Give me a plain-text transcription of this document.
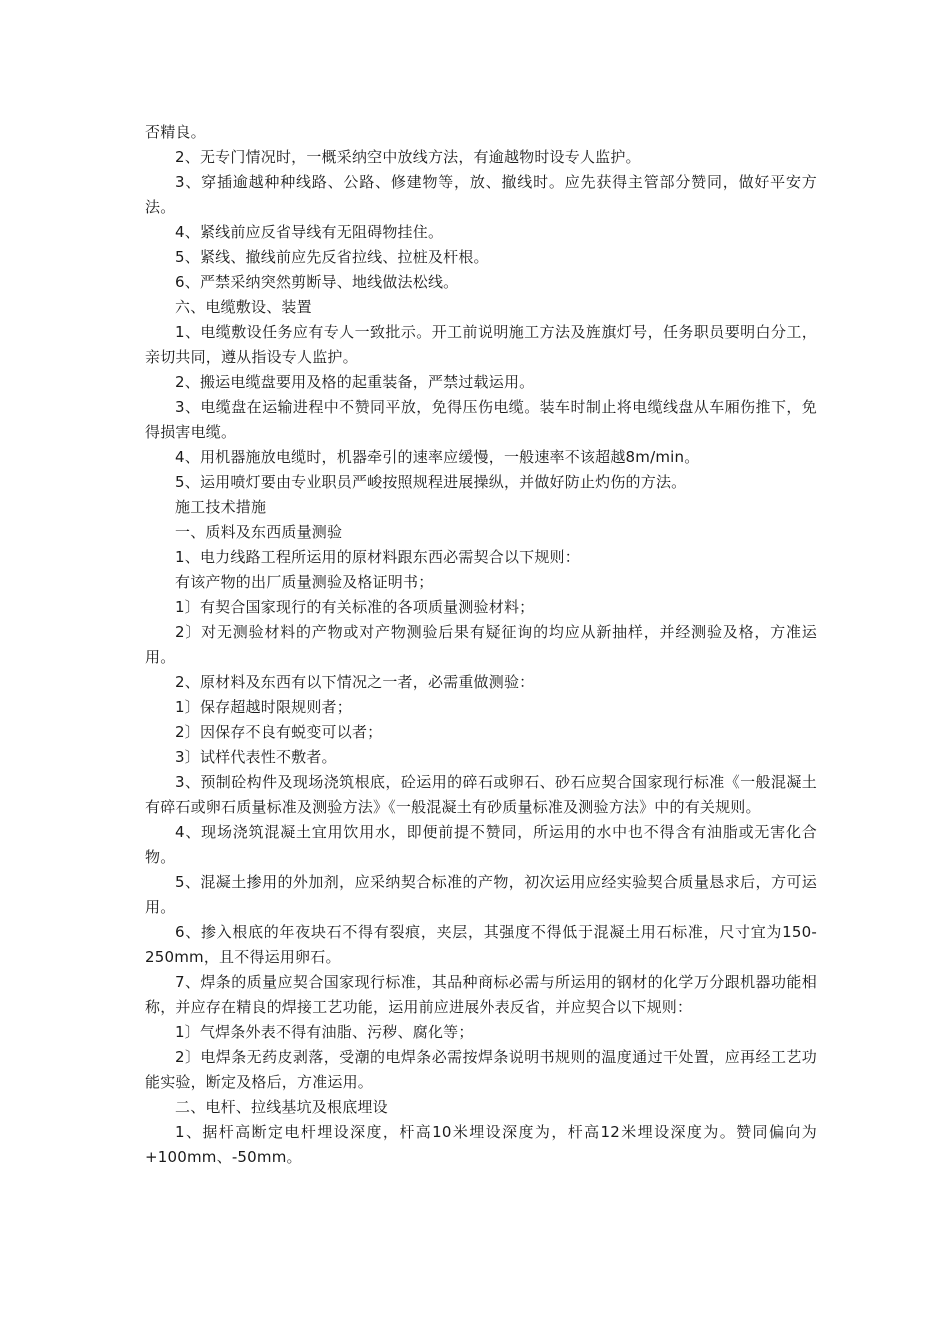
否精良。

2、无专门情况时，一概采纳空中放线方法，有逾越物时设专人监护。

3、穿插逾越种种线路、公路、修建物等，放、撤线时。应先获得主管部分赞同，做好平安方法。

4、紧线前应反省导线有无阻碍物挂住。

5、紧线、撤线前应先反省拉线、拉桩及杆根。

6、严禁采纳突然剪断导、地线做法松线。

六、电缆敷设、装置

1、电缆敷设任务应有专人一致批示。开工前说明施工方法及旌旗灯号，任务职员要明白分工，亲切共同，遵从指设专人监护。

2、搬运电缆盘要用及格的起重装备，严禁过载运用。

3、电缆盘在运输进程中不赞同平放，免得压伤电缆。装车时制止将电缆线盘从车厢伤推下，免得损害电缆。

4、用机器施放电缆时，机器牵引的速率应缓慢，一般速率不该超越8m/min。

5、运用喷灯要由专业职员严峻按照规程进展操纵，并做好防止灼伤的方法。

施工技术措施

一、质料及东西质量测验

1、电力线路工程所运用的原材料跟东西必需契合以下规则：

有该产物的出厂质量测验及格证明书；

1〕有契合国家现行的有关标准的各项质量测验材料；

2〕对无测验材料的产物或对产物测验后果有疑征询的均应从新抽样，并经测验及格，方准运用。

2、原材料及东西有以下情况之一者，必需重做测验：

1〕保存超越时限规则者；

2〕因保存不良有蜕变可以者；

3〕试样代表性不敷者。

3、预制砼构件及现场浇筑根底，砼运用的碎石或卵石、砂石应契合国家现行标准《一般混凝土有碎石或卵石质量标准及测验方法》《一般混凝土有砂质量标准及测验方法》中的有关规则。

4、现场浇筑混凝土宜用饮用水，即便前提不赞同，所运用的水中也不得含有油脂或无害化合物。

5、混凝土掺用的外加剂，应采纳契合标准的产物，初次运用应经实验契合质量恳求后，方可运用。

6、掺入根底的年夜块石不得有裂痕，夹层，其强度不得低于混凝土用石标准，尺寸宜为150-250mm，且不得运用卵石。

7、焊条的质量应契合国家现行标准，其品种商标必需与所运用的钢材的化学万分跟机器功能相称，并应存在精良的焊接工艺功能，运用前应进展外表反省，并应契合以下规则：

1〕气焊条外表不得有油脂、污秽、腐化等；

2〕电焊条无药皮剥落，受潮的电焊条必需按焊条说明书规则的温度通过干处置，应再经工艺功能实验，断定及格后，方准运用。

二、电杆、拉线基坑及根底埋设

1、据杆高断定电杆埋设深度，杆高10米埋设深度为，杆高12米埋设深度为。赞同偏向为+100mm、-50mm。
